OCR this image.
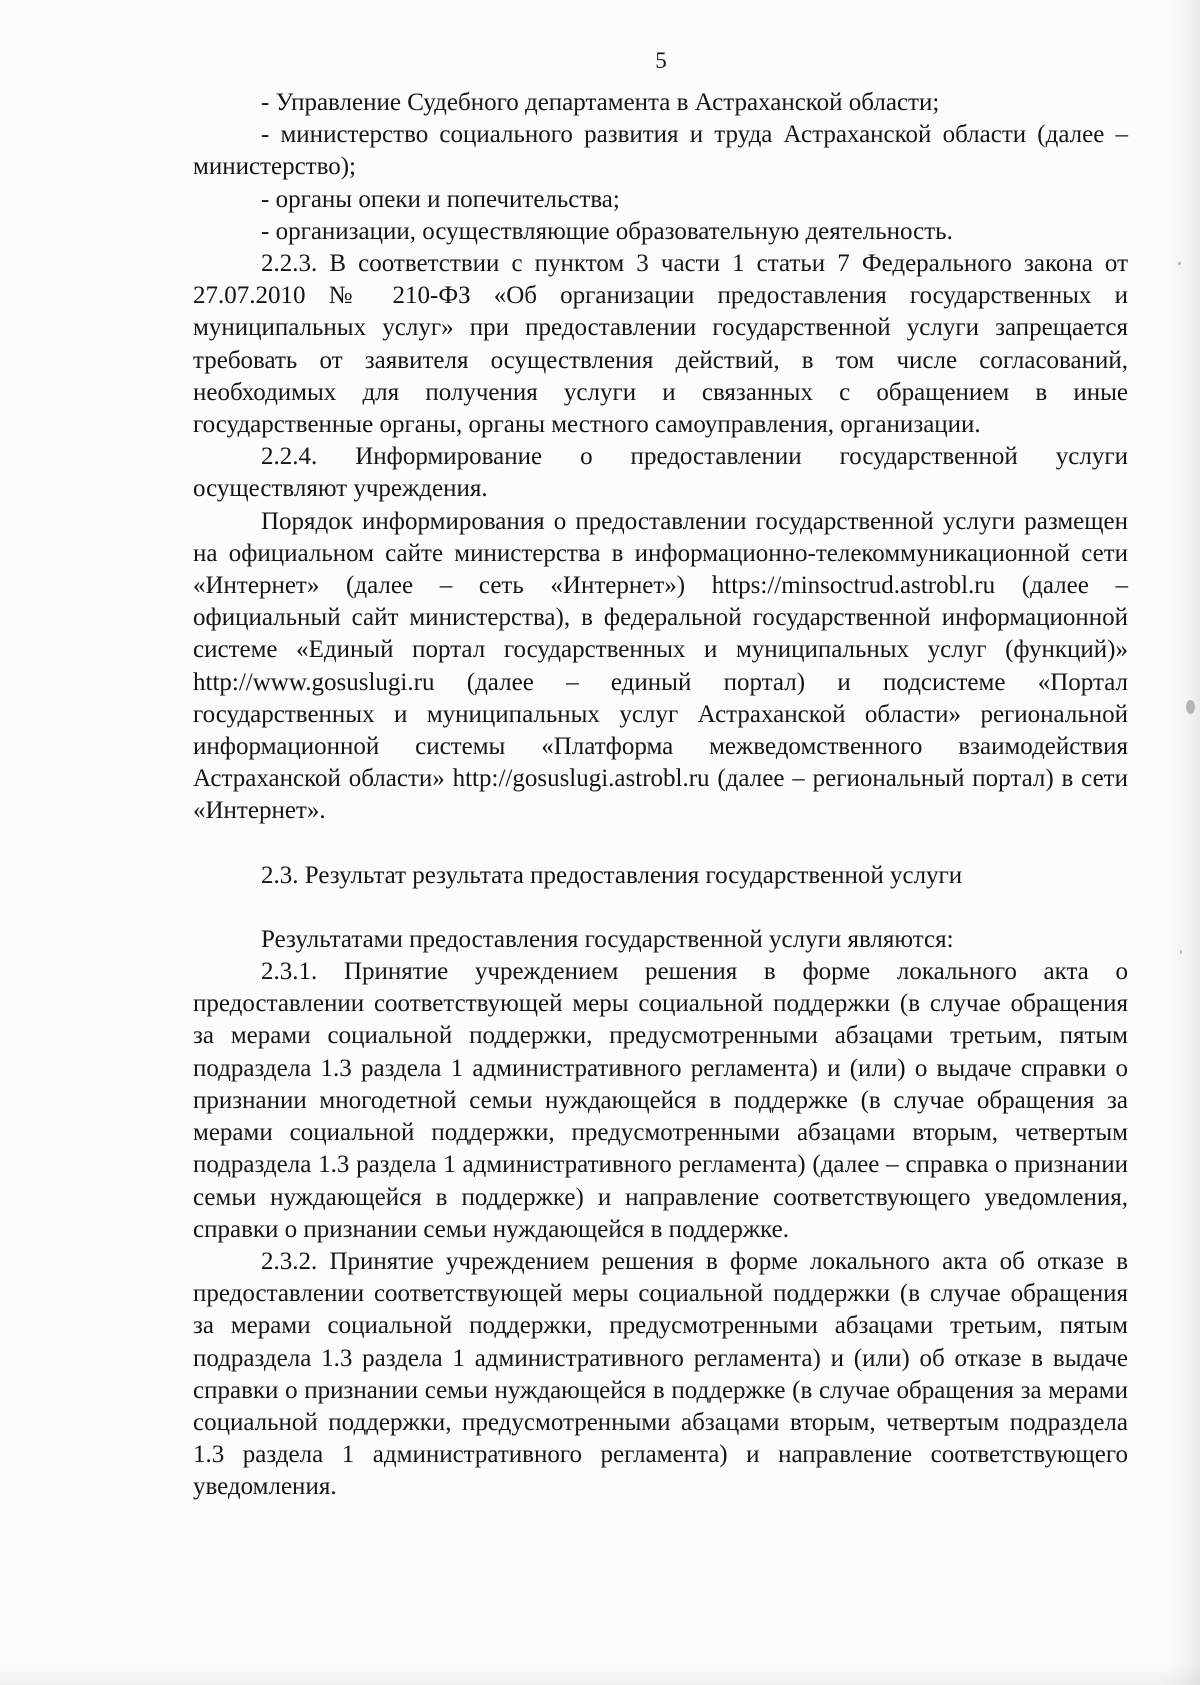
5

- Управление Судебного департамента в Астраханской области;

- министерство социального развития и труда Астраханской области (далее – министерство);

- органы опеки и попечительства;

- организации, осуществляющие образовательную деятельность.

2.2.3. В соответствии с пунктом 3 части 1 статьи 7 Федерального закона от 27.07.2010 № 210-ФЗ «Об организации предоставления государственных и муниципальных услуг» при предоставлении государственной услуги запрещается требовать от заявителя осуществления действий, в том числе согласований, необходимых для получения услуги и связанных с обращением в иные государственные органы, органы местного самоуправления, организации.

2.2.4. Информирование о предоставлении государственной услуги осуществляют учреждения.

Порядок информирования о предоставлении государственной услуги размещен на официальном сайте министерства в информационно-телекоммуникационной сети «Интернет» (далее – сеть «Интернет») https://minsoctrud.astrobl.ru (далее – официальный сайт министерства), в федеральной государственной информационной системе «Единый портал государственных и муниципальных услуг (функций)» http://www.gosuslugi.ru (далее – единый портал) и подсистеме «Портал государственных и муниципальных услуг Астраханской области» региональной информационной системы «Платформа межведомственного взаимодействия Астраханской области» http://gosuslugi.astrobl.ru (далее – региональный портал) в сети «Интернет».

2.3. Результат результата предоставления государственной услуги

Результатами предоставления государственной услуги являются:

2.3.1. Принятие учреждением решения в форме локального акта о предоставлении соответствующей меры социальной поддержки (в случае обращения за мерами социальной поддержки, предусмотренными абзацами третьим, пятым подраздела 1.3 раздела 1 административного регламента) и (или) о выдаче справки о признании многодетной семьи нуждающейся в поддержке (в случае обращения за мерами социальной поддержки, предусмотренными абзацами вторым, четвертым подраздела 1.3 раздела 1 административного регламента) (далее – справка о признании семьи нуждающейся в поддержке) и направление соответствующего уведомления, справки о признании семьи нуждающейся в поддержке.

2.3.2. Принятие учреждением решения в форме локального акта об отказе в предоставлении соответствующей меры социальной поддержки (в случае обращения за мерами социальной поддержки, предусмотренными абзацами третьим, пятым подраздела 1.3 раздела 1 административного регламента) и (или) об отказе в выдаче справки о признании семьи нуждающейся в поддержке (в случае обращения за мерами социальной поддержки, предусмотренными абзацами вторым, четвертым подраздела 1.3 раздела 1 административного регламента) и направление соответствующего уведомления.
